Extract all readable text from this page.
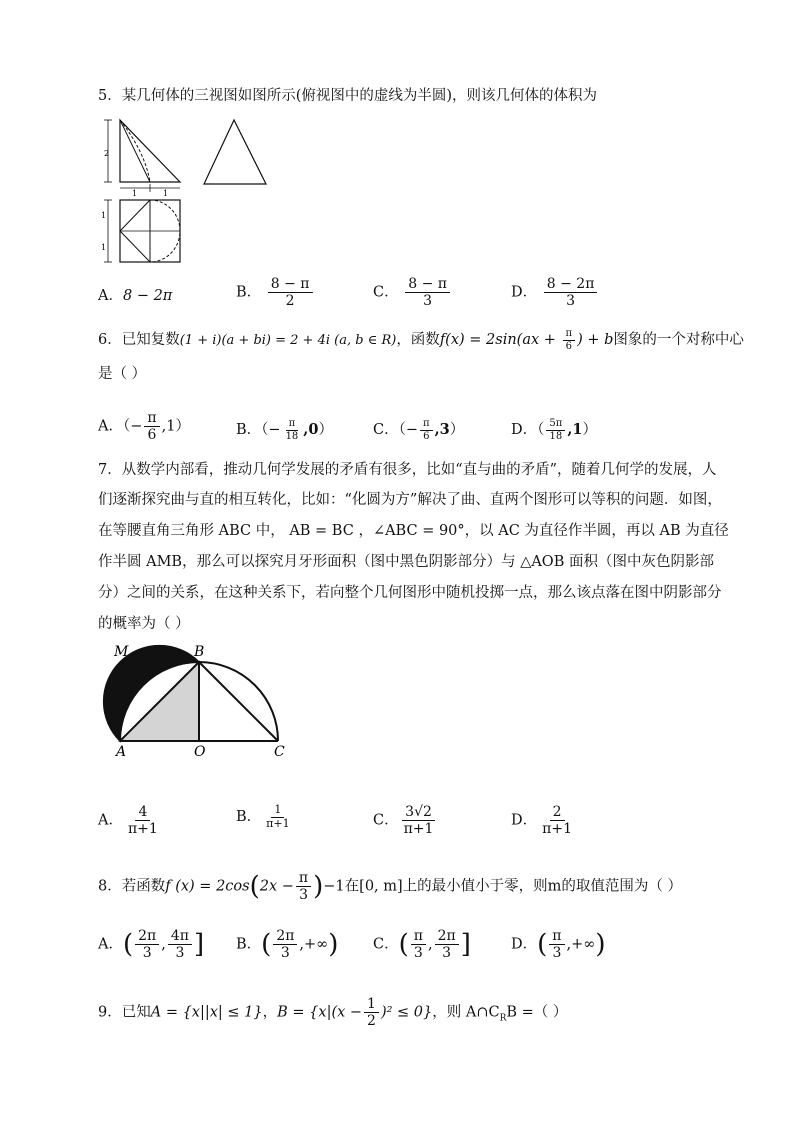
5．某几何体的三视图如图所示(俯视图中的虚线为半圆)，则该几何体的体积为
2
1	1
1
1
A．8 − 2π	B． $\frac{8 - \pi}{2}$	C． $\frac{8 - \pi}{3}$	D． $\frac{8 - 2\pi}{3}$
6．已知复数(1 + i)(a + bi) = 2 + 4i (a, b ∈ R)，函数$f(x) = 2\sin(ax + \frac{\pi}{6}$ ) + b图象的一个对称中心
是（ ）
A．（− $\frac{\pi}{6} ,1$）	B．（− $\frac{\pi}{18} ,0$）	C．（− $\frac{\pi}{6} ,3$）	D．（ $\frac{5\pi}{18} ,1$）
7．从数学内部看，推动几何学发展的矛盾有很多，比如“直与曲的矛盾”，随着几何学的发展，人
们逐渐探究曲与直的相互转化，比如：“化圆为方”解决了曲、直两个图形可以等积的问题．如图，
在等腰直角三角形 ABC 中， AB = BC ，∠ABC = 90°，以 AC 为直径作半圆，再以 AB 为直径
作半圆 AMB，那么可以探究月牙形面积（图中黑色阴影部分）与 △AOB 面积（图中灰色阴影部
分）之间的关系，在这种关系下，若向整个几何图形中随机投掷一点，那么该点落在图中阴影部分
的概率为（ ）
M	B
A	O	C
A． $\frac{4}{\pi+1}$	B． $\frac{1}{\pi+1}$	C． $\frac{3√2}{\pi+1}$	D． $\frac{2}{\pi+1}$
8．若函数f $(x) = 2\cos(2x - \frac{\pi}{3} )-1$在[0, m]上的最小值小于零，则m的取值范围为（ ）
A．( $\frac{2\pi}{3}$ , $\frac{4\pi}{3}$ ] B．( $\frac{2\pi}{3}$ ,+∞) C．( $\frac{\pi}{3}$ , $\frac{2\pi}{3}$ ]	D．( $\frac{\pi}{3}$ ,+∞)
9．已知A = {x||x| ≤ 1}，$B = \{x|(x - \frac{1}{2} )^2 \le 0\}$，则 $A\cap C_RB$ =（ ）
